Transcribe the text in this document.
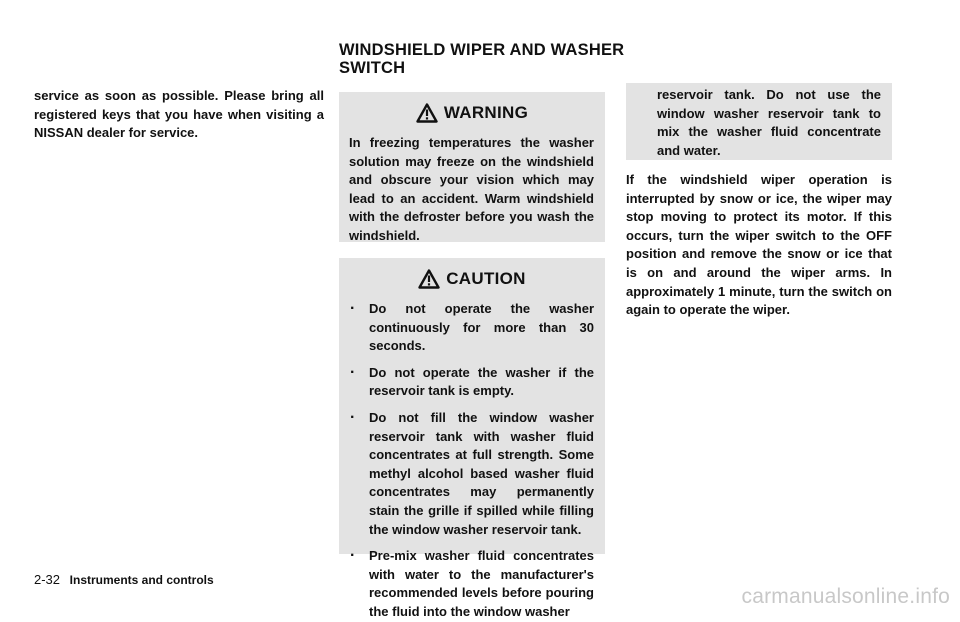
WINDSHIELD WIPER AND WASHER
SWITCH
service as soon as possible. Please bring all registered keys that you have when visiting a NISSAN dealer for service.
WARNING
In freezing temperatures the washer solution may freeze on the windshield and obscure your vision which may lead to an accident. Warm windshield with the defroster before you wash the windshield.
CAUTION
. Do not operate the washer continuously for more than 30 seconds.
. Do not operate the washer if the reservoir tank is empty.
. Do not fill the window washer reservoir tank with washer fluid concentrates at full strength. Some methyl alcohol based washer fluid concentrates may permanently stain the grille if spilled while filling the window washer reservoir tank.
. Pre-mix washer fluid concentrates with water to the manufacturer's recommended levels before pouring the fluid into the window washer
reservoir tank. Do not use the window washer reservoir tank to mix the washer fluid concentrate and water.
If the windshield wiper operation is interrupted by snow or ice, the wiper may stop moving to protect its motor. If this occurs, turn the wiper switch to the OFF position and remove the snow or ice that is on and around the wiper arms. In approximately 1 minute, turn the switch on again to operate the wiper.
2-32 Instruments and controls
carmanualsonline.info
